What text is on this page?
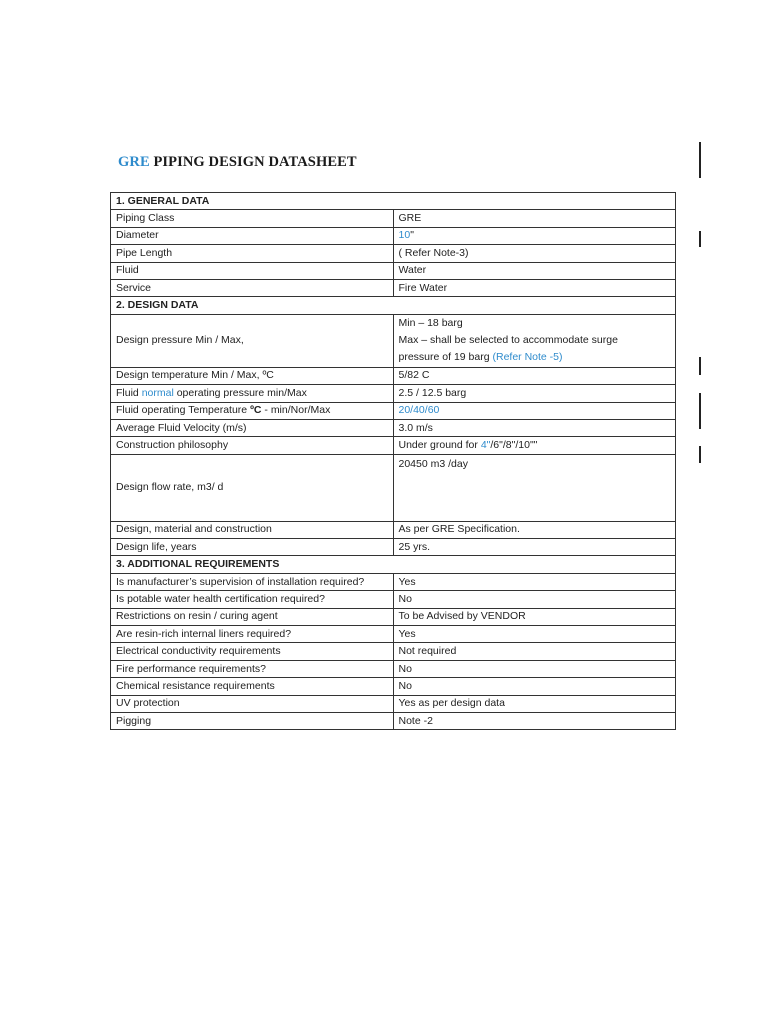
GRE PIPING DESIGN DATASHEET
1. GENERAL DATA	
Piping Class	GRE
Diameter	10"
Pipe Length	( Refer Note-3)
Fluid	Water
Service	Fire Water
2. DESIGN DATA	
Design pressure Min / Max,	Min – 18 barg
Max – shall be selected to accommodate surge
pressure of 19 barg (Refer Note -5)

Design temperature Min / Max, ºC	5/82 C
Fluid normal operating pressure min/Max	2.5 / 12.5 barg
Fluid operating Temperature ºC - min/Nor/Max	20/40/60
Average Fluid Velocity (m/s)	3.0 m/s
Construction philosophy	Under ground for 4"/6"/8"/10""
Design flow rate, m3/ d	20450 m3 /day
Design, material and construction	As per GRE Specification.
Design life, years	25 yrs.
3. ADDITIONAL REQUIREMENTS	
Is manufacturer’s supervision of installation required?	Yes
Is potable water health certification required?	No
Restrictions on resin / curing agent	To be Advised by VENDOR
Are resin-rich internal liners required?	Yes
Electrical conductivity requirements	Not required
Fire performance requirements?	No
Chemical resistance requirements	No
UV protection	Yes as per design data
Pigging	Note -2
